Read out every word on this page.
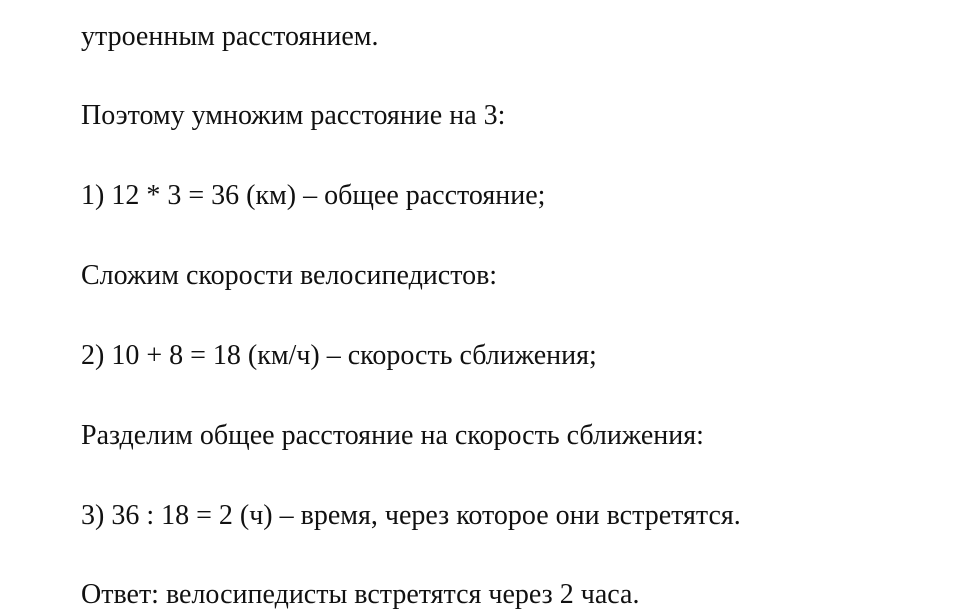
утроенным расстоянием.

Поэтому умножим расстояние на 3:

1) 12 * 3 = 36 (км) – общее расстояние;

Сложим скорости велосипедистов:

2) 10 + 8 = 18 (км/ч) – скорость сближения;

Разделим общее расстояние на скорость сближения:

3) 36 : 18 = 2 (ч) – время, через которое они встретятся.

Ответ: велосипедисты встретятся через 2 часа.
